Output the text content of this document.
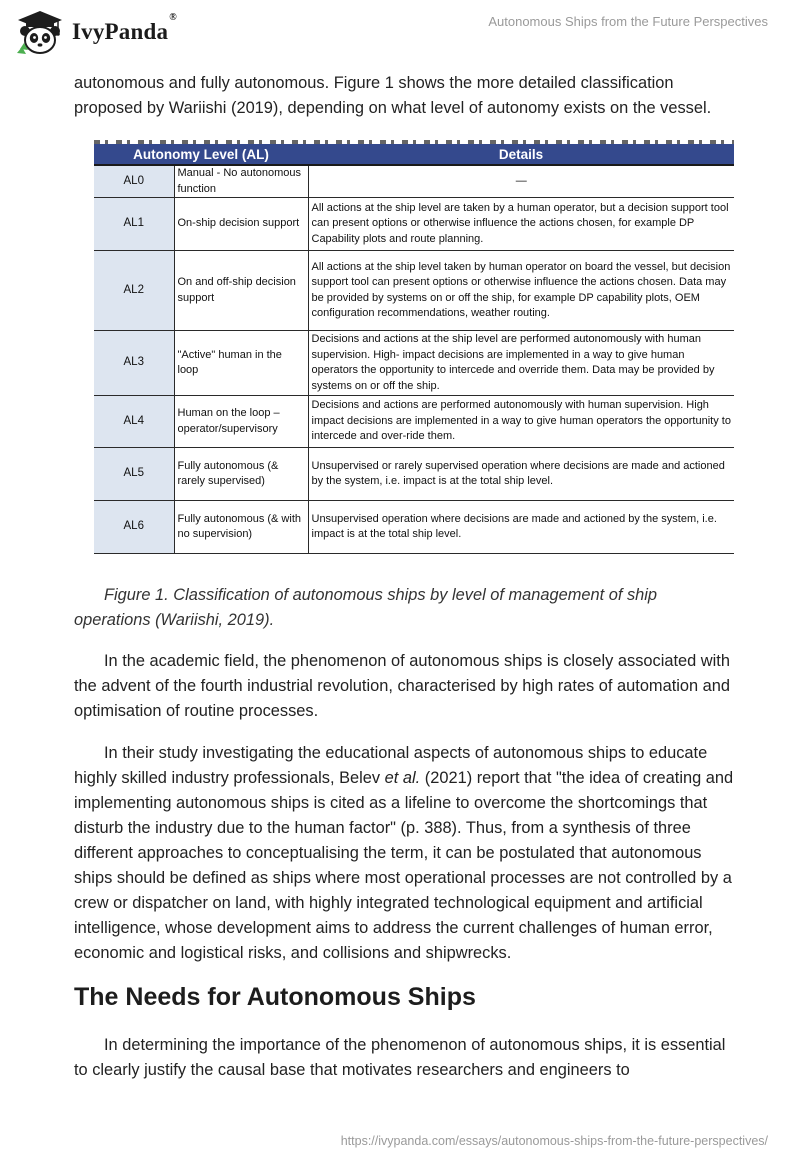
IvyPanda®	Autonomous Ships from the Future Perspectives

autonomous and fully autonomous. Figure 1 shows the more detailed classification proposed by Wariishi (2019), depending on what level of autonomy exists on the vessel.

Autonomy Level (AL)		Details
AL0	Manual - No autonomous function	—
AL1	On-ship decision support	All actions at the ship level are taken by a human operator, but a decision support tool can present options or otherwise influence the actions chosen, for example DP Capability plots and route planning.
AL2	On and off-ship decision support	All actions at the ship level taken by human operator on board the vessel, but decision support tool can present options or otherwise influence the actions chosen. Data may be provided by systems on or off the ship, for example DP capability plots, OEM configuration recommendations, weather routing.
AL3	"Active" human in the loop	Decisions and actions at the ship level are performed autonomously with human supervision. High- impact decisions are implemented in a way to give human operators the opportunity to intercede and override them. Data may be provided by systems on or off the ship.
AL4	Human on the loop – operator/supervisory	Decisions and actions are performed autonomously with human supervision. High impact decisions are implemented in a way to give human operators the opportunity to intercede and over-ride them.
AL5	Fully autonomous (& rarely supervised)	Unsupervised or rarely supervised operation where decisions are made and actioned by the system, i.e. impact is at the total ship level.
AL6	Fully autonomous (& with no supervision)	Unsupervised operation where decisions are made and actioned by the system, i.e. impact is at the total ship level.

Figure 1. Classification of autonomous ships by level of management of ship operations (Wariishi, 2019).

In the academic field, the phenomenon of autonomous ships is closely associated with the advent of the fourth industrial revolution, characterised by high rates of automation and optimisation of routine processes.

In their study investigating the educational aspects of autonomous ships to educate highly skilled industry professionals, Belev et al. (2021) report that "the idea of creating and implementing autonomous ships is cited as a lifeline to overcome the shortcomings that disturb the industry due to the human factor" (p. 388). Thus, from a synthesis of three different approaches to conceptualising the term, it can be postulated that autonomous ships should be defined as ships where most operational processes are not controlled by a crew or dispatcher on land, with highly integrated technological equipment and artificial intelligence, whose development aims to address the current challenges of human error, economic and logistical risks, and collisions and shipwrecks.

The Needs for Autonomous Ships

In determining the importance of the phenomenon of autonomous ships, it is essential to clearly justify the causal base that motivates researchers and engineers to

https://ivypanda.com/essays/autonomous-ships-from-the-future-perspectives/
